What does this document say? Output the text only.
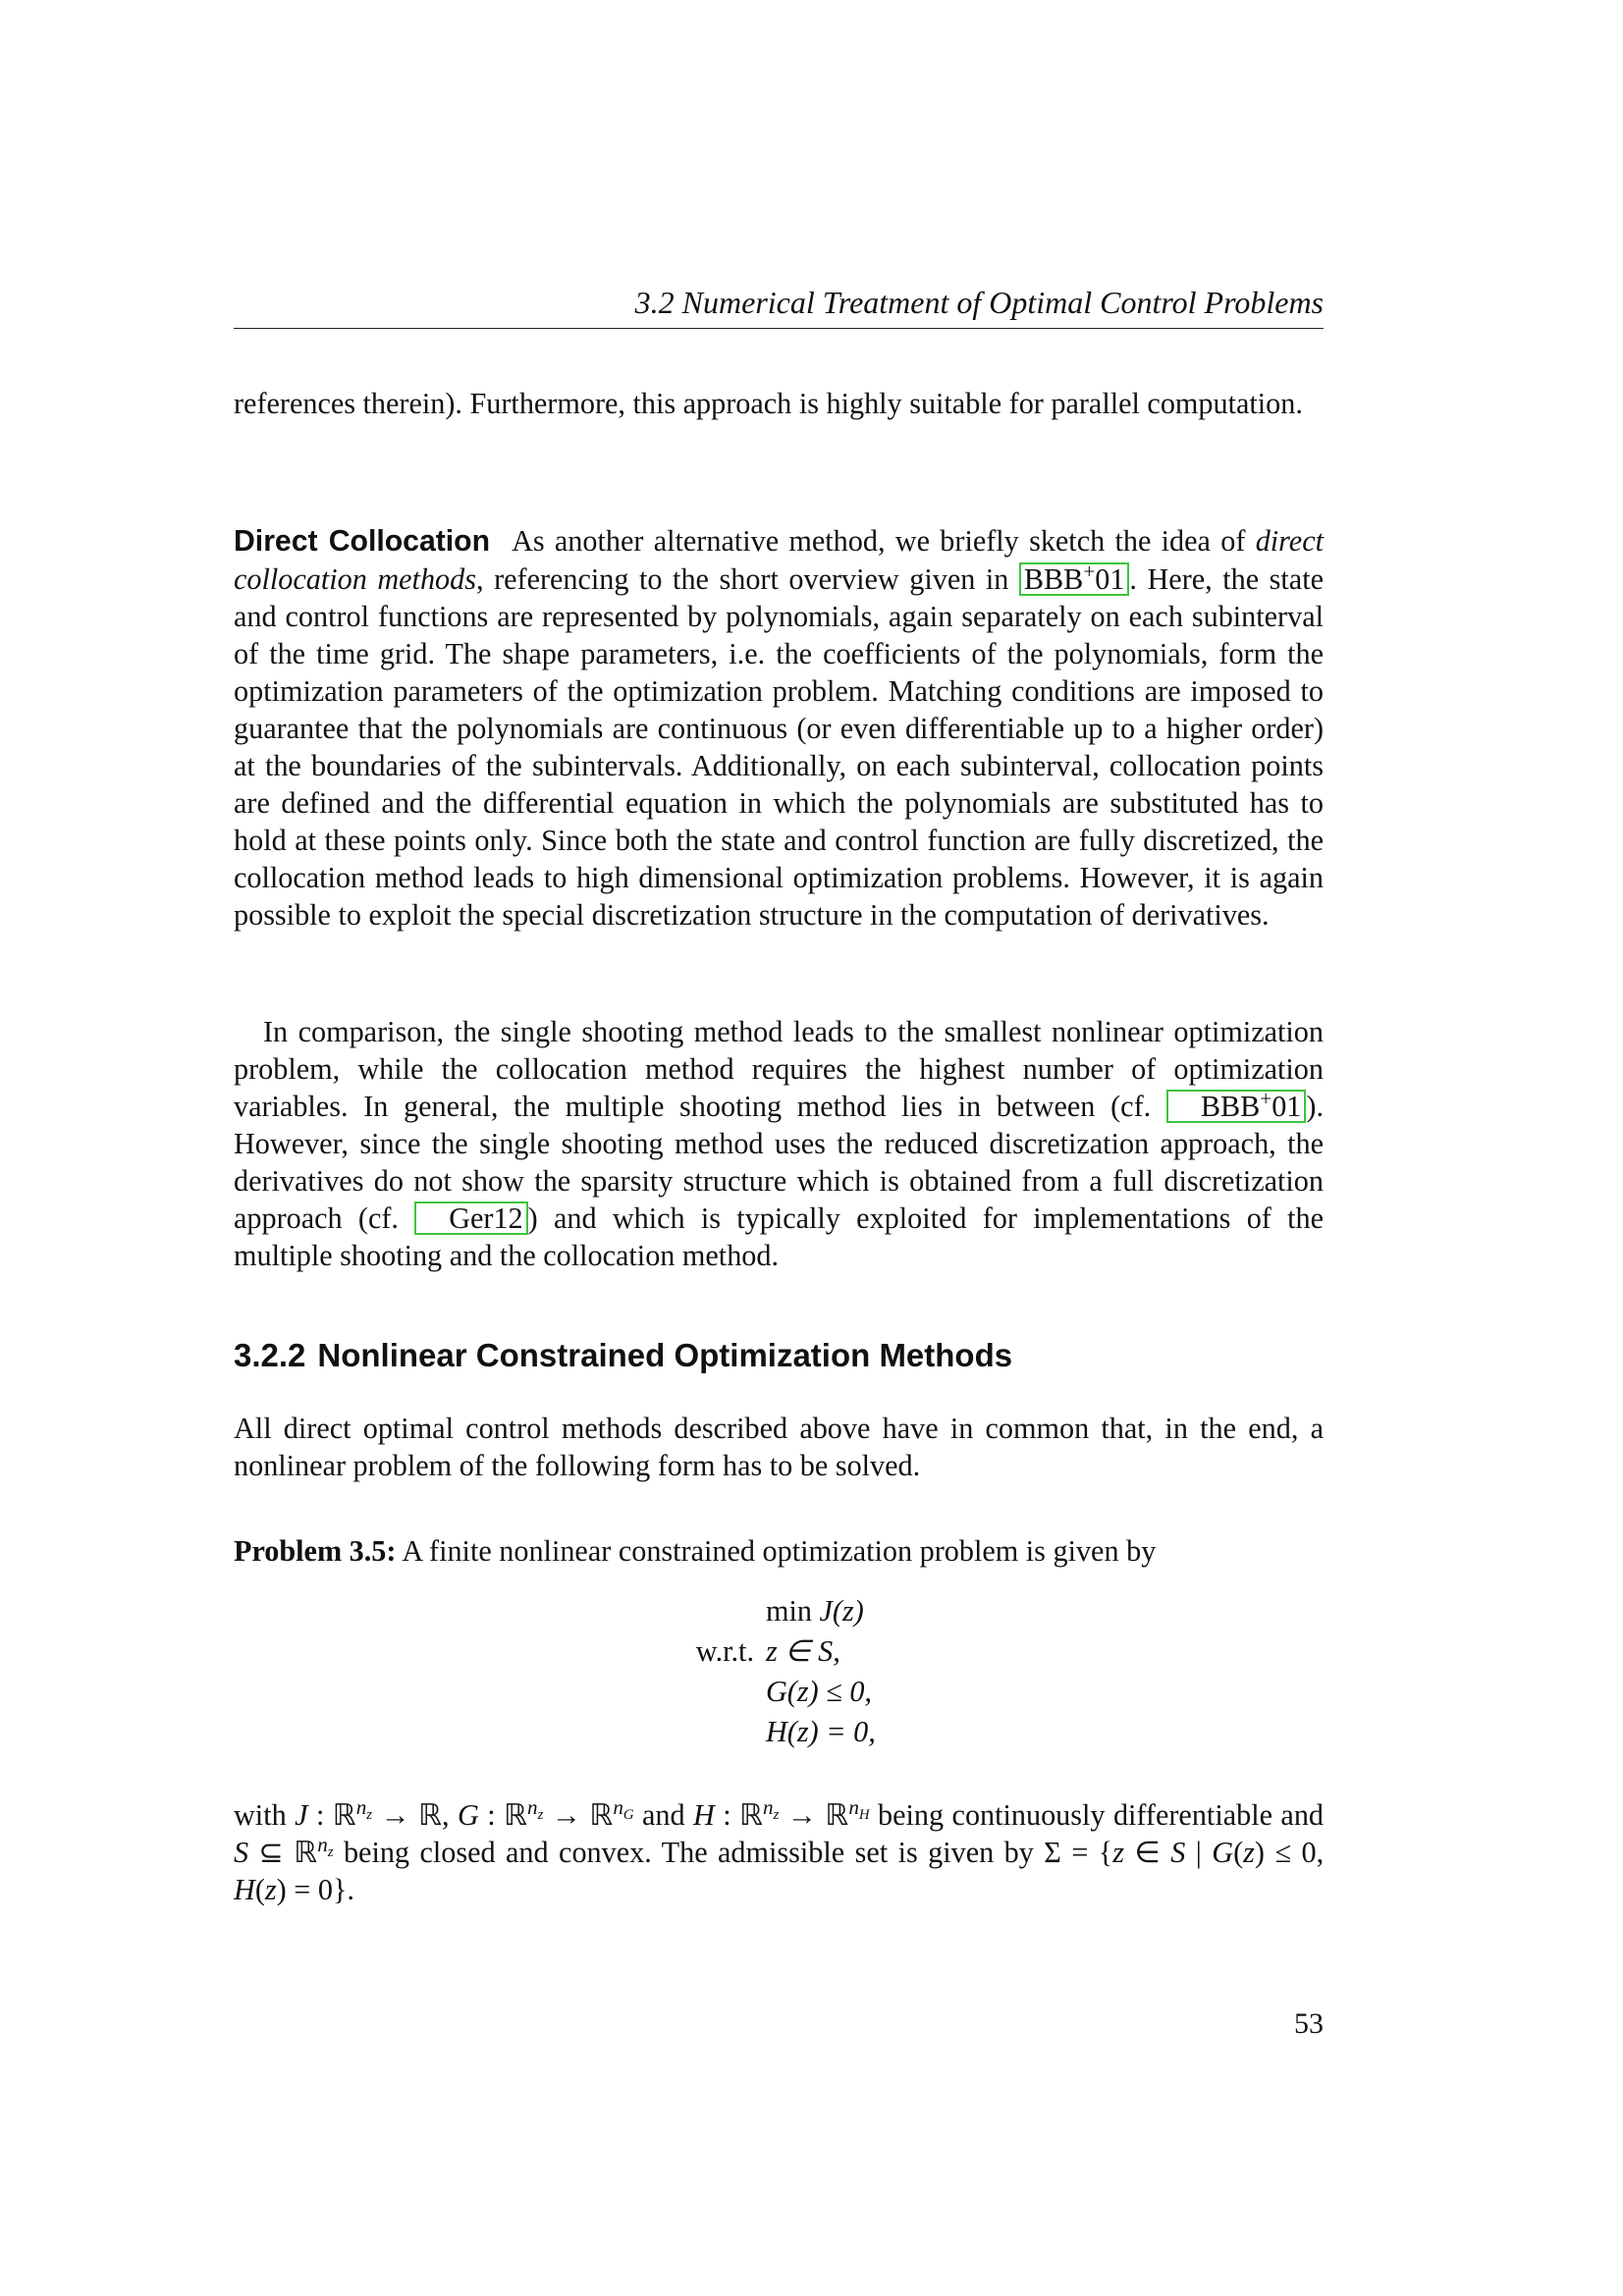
3.2 Numerical Treatment of Optimal Control Problems

references therein). Furthermore, this approach is highly suitable for parallel computation.

Direct Collocation As another alternative method, we briefly sketch the idea of direct collocation methods, referencing to the short overview given in BBB+01 . Here, the state and control functions are represented by polynomials, again separately on each subinterval of the time grid. The shape parameters, i.e. the coefficients of the polynomials, form the optimization parameters of the optimization problem. Matching conditions are imposed to guarantee that the polynomials are continuous (or even differentiable up to a higher order) at the boundaries of the subintervals. Additionally, on each subinterval, collocation points are defined and the differential equation in which the polynomials are substituted has to hold at these points only. Since both the state and control function are fully discretized, the collocation method leads to high dimensional optimization problems. However, it is again possible to exploit the special discretization structure in the computation of derivatives.

In comparison, the single shooting method leads to the smallest nonlinear optimization problem, while the collocation method requires the highest number of optimization variables. In general, the multiple shooting method lies in between (cf. BBB+01 ). However, since the single shooting method uses the reduced discretization approach, the derivatives do not show the sparsity structure which is obtained from a full discretization approach (cf. Ger12 ) and which is typically exploited for implementations of the multiple shooting and the collocation method.

3.2.2 Nonlinear Constrained Optimization Methods

All direct optimal control methods described above have in common that, in the end, a nonlinear problem of the following form has to be solved.

Problem 3.5: A finite nonlinear constrained optimization problem is given by

min J(z)
w.r.t. z ∈ S,
G(z) ≤ 0,
H(z) = 0,

with J : ℝ$^{n_z}$ → ℝ, G : ℝ$^{n_z}$ → ℝ$^{n_G}$ and H : ℝ$^{n_z}$ → ℝ$^{n_H}$ being continuously differentiable and S ⊆ ℝ$^{n_z}$ being closed and convex. The admissible set is given by Σ = {z ∈ S | G(z) ≤ 0, H(z) = 0}.

53
